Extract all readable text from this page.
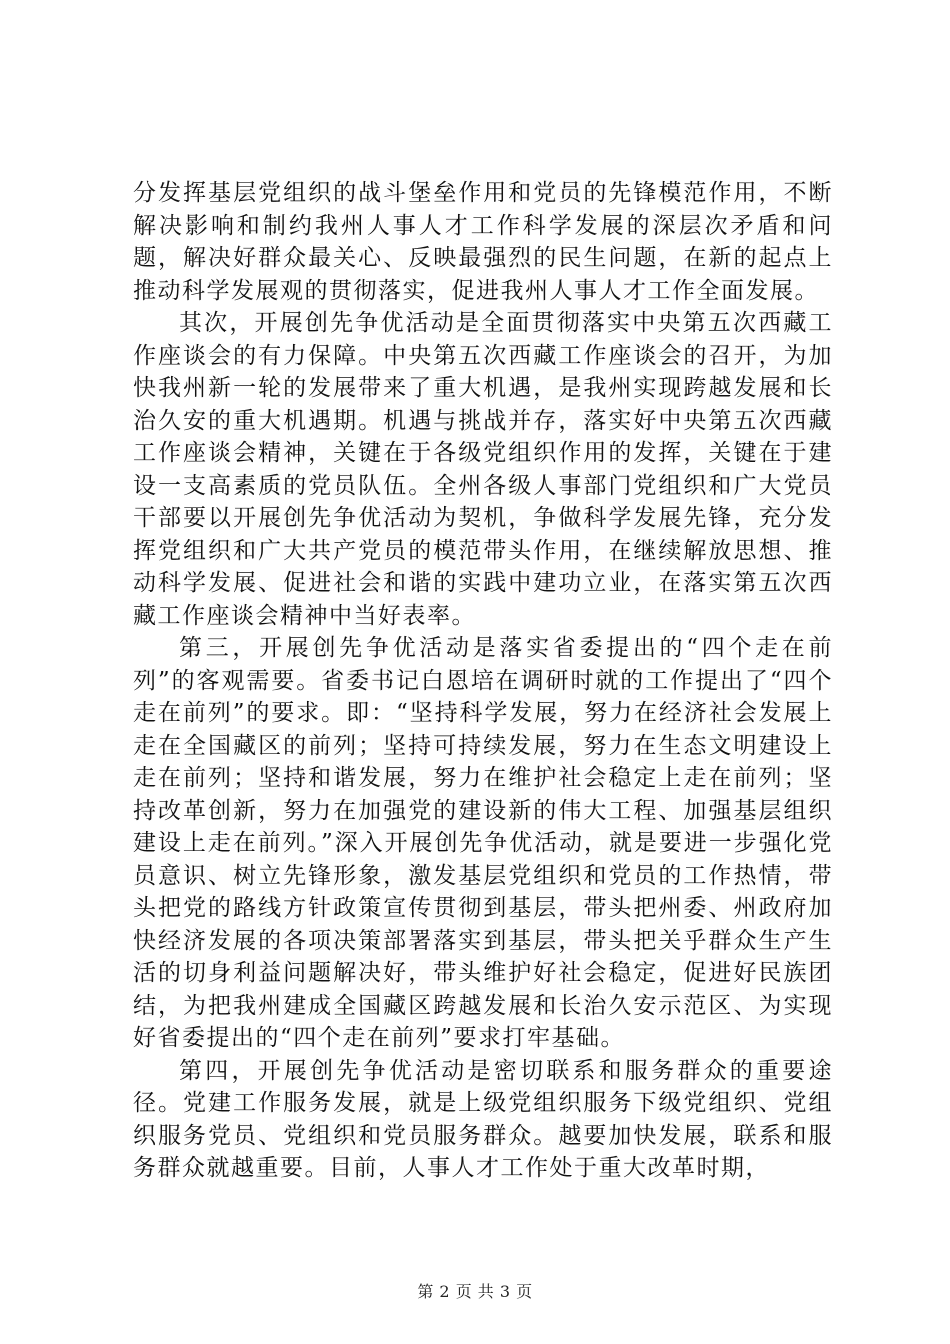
分发挥基层党组织的战斗堡垒作用和党员的先锋模范作用，不断解决影响和制约我州人事人才工作科学发展的深层次矛盾和问题，解决好群众最关心、反映最强烈的民生问题，在新的起点上推动科学发展观的贯彻落实，促进我州人事人才工作全面发展。

其次，开展创先争优活动是全面贯彻落实中央第五次西藏工作座谈会的有力保障。中央第五次西藏工作座谈会的召开，为加快我州新一轮的发展带来了重大机遇，是我州实现跨越发展和长治久安的重大机遇期。机遇与挑战并存，落实好中央第五次西藏工作座谈会精神，关键在于各级党组织作用的发挥，关键在于建设一支高素质的党员队伍。全州各级人事部门党组织和广大党员干部要以开展创先争优活动为契机，争做科学发展先锋，充分发挥党组织和广大共产党员的模范带头作用，在继续解放思想、推动科学发展、促进社会和谐的实践中建功立业，在落实第五次西藏工作座谈会精神中当好表率。

第三，开展创先争优活动是落实省委提出的“四个走在前列”的客观需要。省委书记白恩培在调研时就的工作提出了“四个走在前列”的要求。即：“坚持科学发展，努力在经济社会发展上走在全国藏区的前列；坚持可持续发展，努力在生态文明建设上走在前列；坚持和谐发展，努力在维护社会稳定上走在前列；坚持改革创新，努力在加强党的建设新的伟大工程、加强基层组织建设上走在前列。”深入开展创先争优活动，就是要进一步强化党员意识、树立先锋形象，激发基层党组织和党员的工作热情，带头把党的路线方针政策宣传贯彻到基层，带头把州委、州政府加快经济发展的各项决策部署落实到基层，带头把关乎群众生产生活的切身利益问题解决好，带头维护好社会稳定，促进好民族团结，为把我州建成全国藏区跨越发展和长治久安示范区、为实现好省委提出的“四个走在前列”要求打牢基础。

第四，开展创先争优活动是密切联系和服务群众的重要途径。党建工作服务发展，就是上级党组织服务下级党组织、党组织服务党员、党组织和党员服务群众。越要加快发展，联系和服务群众就越重要。目前，人事人才工作处于重大改革时期，

第 2 页 共 3 页
